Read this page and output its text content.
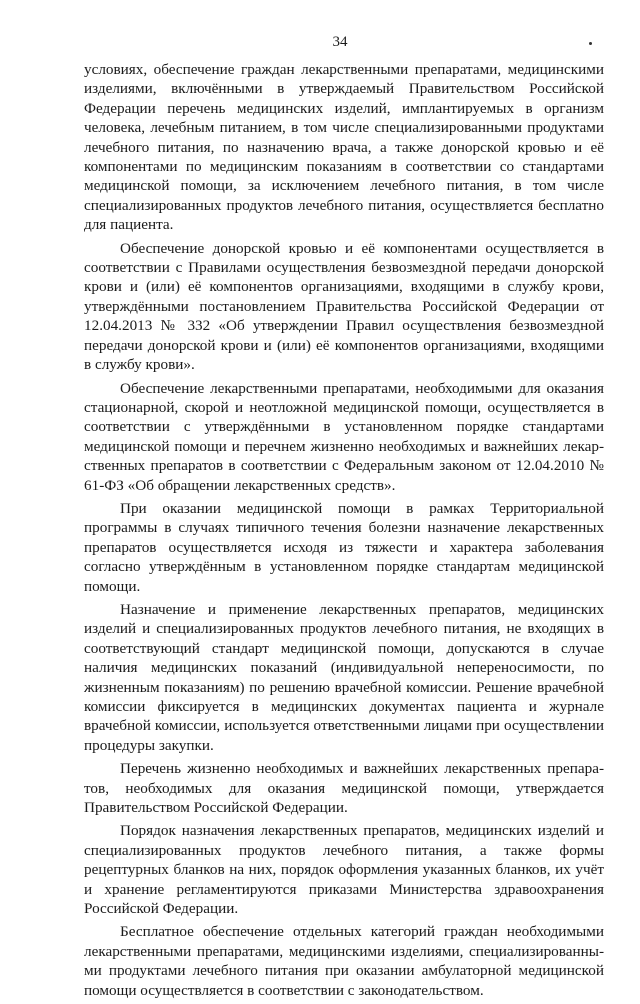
34

условиях, обеспечение граждан лекарственными препаратами, медицинскими изделиями, включёнными в утверждаемый Правительством Российской Федерации перечень медицинских изделий, имплантируемых в организм человека, лечебным питанием, в том числе специализированными продуктами лечебного питания, по назначению врача, а также донорской кровью и её компонентами по медицинским показаниям в соответствии со стандартами медицинской помощи, за исключением лечебного питания, в том числе специализированных продуктов лечебного питания, осуществляется бесплатно для пациента.

Обеспечение донорской кровью и её компонентами осуществляется в соответствии с Правилами осуществления безвозмездной передачи донорской крови и (или) её компонентов организациями, входящими в службу крови, утверждёнными постановлением Правительства Российской Федерации от 12.04.2013 № 332 «Об утверждении Правил осуществления безвозмездной передачи донорской крови и (или) её компонентов организациями, входящими в службу крови».

Обеспечение лекарственными препаратами, необходимыми для оказания стационарной, скорой и неотложной медицинской помощи, осуществляется в соответствии с утверждёнными в установленном порядке стандартами медицинской помощи и перечнем жизненно необходимых и важнейших лекарственных препаратов в соответствии с Федеральным законом от 12.04.2010 № 61-ФЗ «Об обращении лекарственных средств».

При оказании медицинской помощи в рамках Территориальной программы в случаях типичного течения болезни назначение лекарственных препаратов осуществляется исходя из тяжести и характера заболевания согласно утверждённым в установленном порядке стандартам медицинской помощи.

Назначение и применение лекарственных препаратов, медицинских изделий и специализированных продуктов лечебного питания, не входящих в соответствующий стандарт медицинской помощи, допускаются в случае наличия медицинских показаний (индивидуальной непереносимости, по жизненным показаниям) по решению врачебной комиссии. Решение врачебной комиссии фиксируется в медицинских документах пациента и журнале врачебной комиссии, используется ответственными лицами при осуществлении процедуры закупки.

Перечень жизненно необходимых и важнейших лекарственных препаратов, необходимых для оказания медицинской помощи, утверждается Правительством Российской Федерации.

Порядок назначения лекарственных препаратов, медицинских изделий и специализированных продуктов лечебного питания, а также формы рецептурных бланков на них, порядок оформления указанных бланков, их учёт и хранение регламентируются приказами Министерства здравоохранения Российской Федерации.

Бесплатное обеспечение отдельных категорий граждан необходимыми лекарственными препаратами, медицинскими изделиями, специализированными продуктами лечебного питания при оказании амбулаторной медицинской помощи осуществляется в соответствии с законодательством.
